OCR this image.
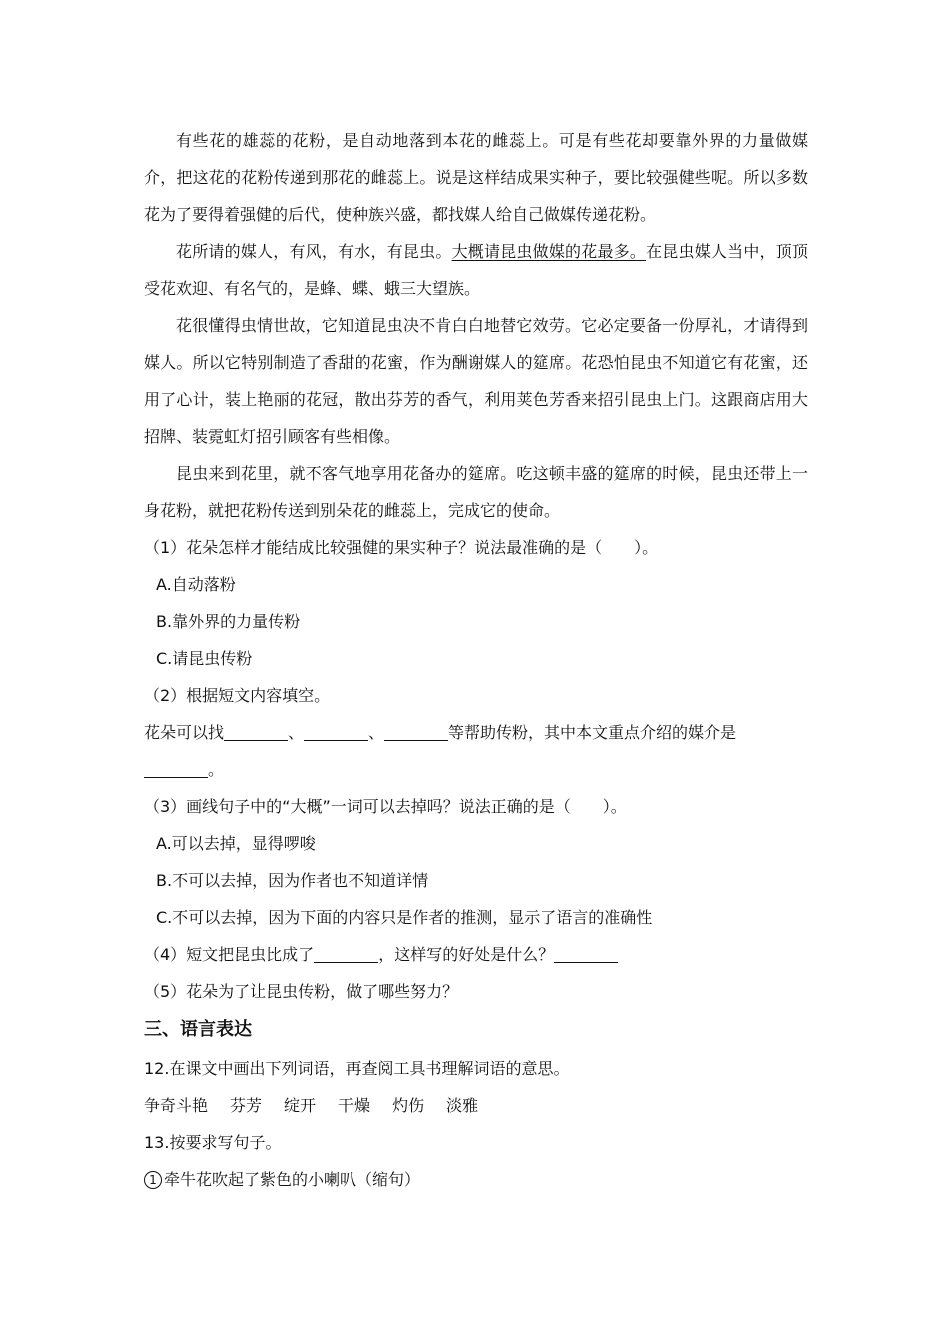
有些花的雄蕊的花粉，是自动地落到本花的雌蕊上。可是有些花却要靠外界的力量做媒介，把这花的花粉传递到那花的雌蕊上。说是这样结成果实种子，要比较强健些呢。所以多数花为了要得着强健的后代，使种族兴盛，都找媒人给自己做媒传递花粉。

花所请的媒人，有风，有水，有昆虫。大概请昆虫做媒的花最多。在昆虫媒人当中，顶顶受花欢迎、有名气的，是蜂、蝶、蛾三大望族。

花很懂得虫情世故，它知道昆虫决不肯白白地替它效劳。它必定要备一份厚礼，才请得到媒人。所以它特别制造了香甜的花蜜，作为酬谢媒人的筵席。花恐怕昆虫不知道它有花蜜，还用了心计，装上艳丽的花冠，散出芬芳的香气，利用荚色芳香来招引昆虫上门。这跟商店用大招牌、装霓虹灯招引顾客有些相像。

昆虫来到花里，就不客气地享用花备办的筵席。吃这顿丰盛的筵席的时候，昆虫还带上一身花粉，就把花粉传送到别朵花的雌蕊上，完成它的使命。

（1）花朵怎样才能结成比较强健的果实种子？说法最准确的是（　　）。

A.自动落粉

B.靠外界的力量传粉

C.请昆虫传粉

（2）根据短文内容填空。

花朵可以找	、	、	等帮助传粉，其中本文重点介绍的媒介是

。

（3）画线句子中的“大概”一词可以去掉吗？说法正确的是（　　）。

A.可以去掉，显得啰唆

B.不可以去掉，因为作者也不知道详情

C.不可以去掉，因为下面的内容只是作者的推测，显示了语言的准确性

（4）短文把昆虫比成了	，这样写的好处是什么？

（5）花朵为了让昆虫传粉，做了哪些努力？

三、语言表达

12.在课文中画出下列词语，再查阅工具书理解词语的意思。

争奇斗艳 芬芳 绽开 干燥 灼伤 淡雅

13.按要求写句子。

1 牵牛花吹起了紫色的小喇叭（缩句）
